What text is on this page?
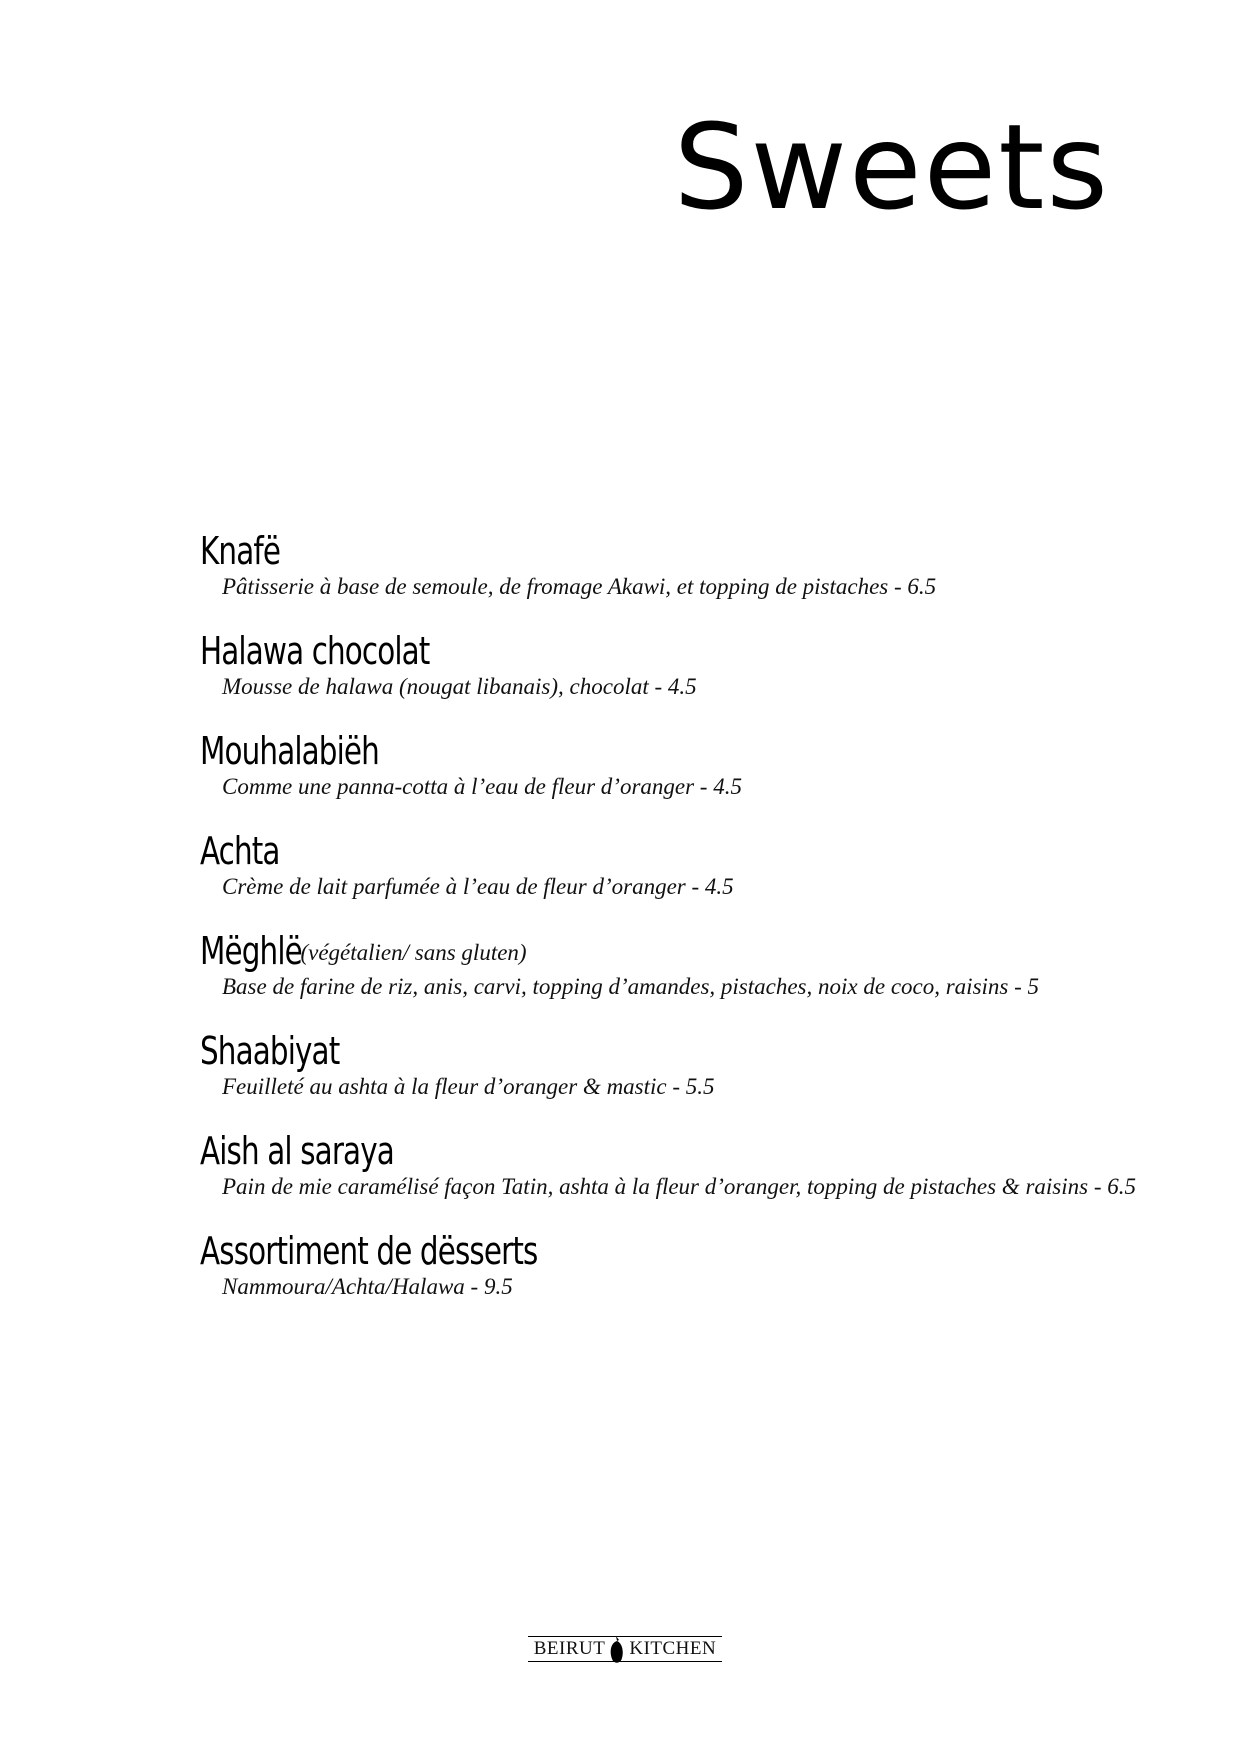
Sweets
Knafë

Pâtisserie à base de semoule, de fromage Akawi, et topping de pistaches - 6.5

Halawa chocolat

Mousse de halawa (nougat libanais), chocolat - 4.5

Mouhalabiëh

Comme une panna-cotta à l’eau de fleur d’oranger - 4.5

Achta

Crème de lait parfumée à l’eau de fleur d’oranger - 4.5

Mëghlë
(végétalien/ sans gluten)

Base de farine de riz, anis, carvi, topping d’amandes, pistaches, noix de coco, raisins - 5

Shaabiyat

Feuilleté au ashta à la fleur d’oranger & mastic - 5.5

Aish al saraya

Pain de mie caramélisé façon Tatin, ashta à la fleur d’oranger, topping de pistaches & raisins - 6.5

Assortiment de dësserts

Nammoura/Achta/Halawa - 9.5

BEIRUT KITCHEN
